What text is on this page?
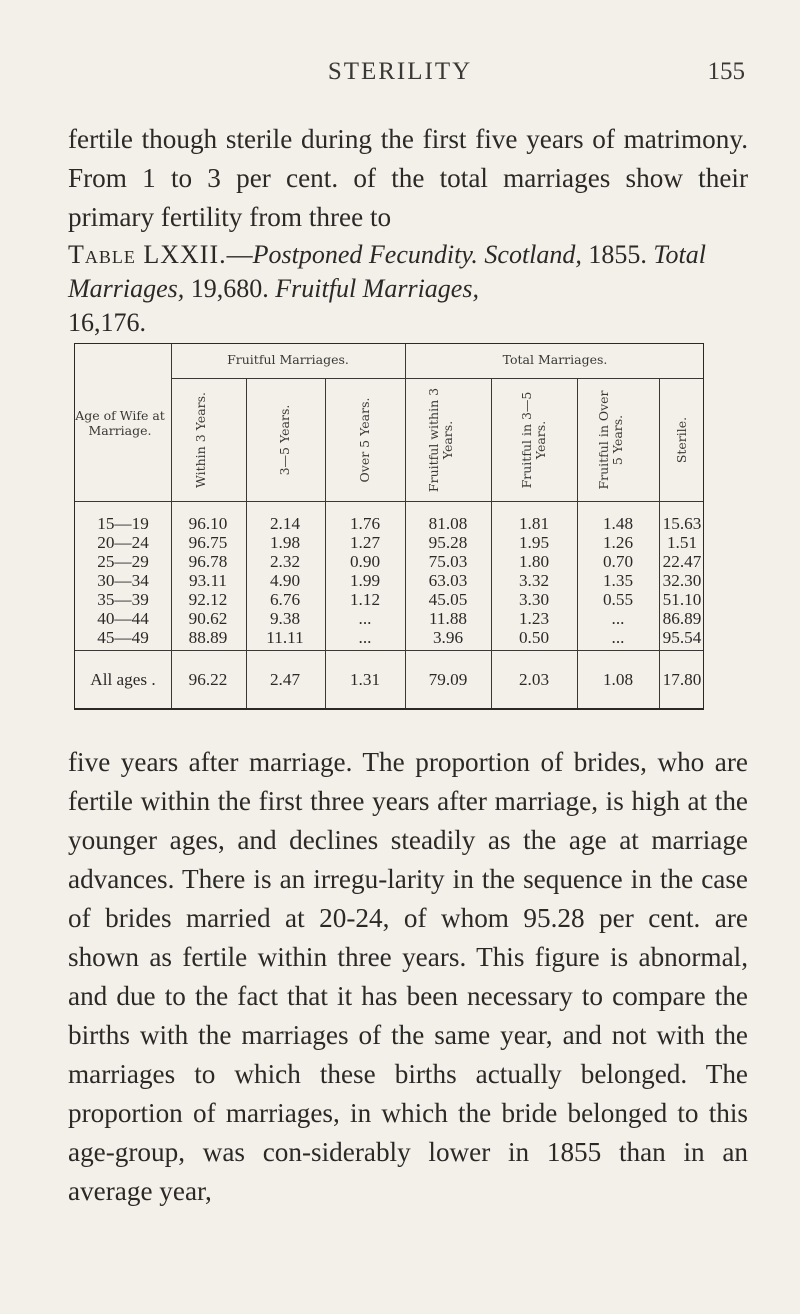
STERILITY	155

fertile though sterile during the first five years of matrimony. From 1 to 3 per cent. of the total marriages show their primary fertility from three to

Table LXXII.—Postponed Fecundity. Scotland, 1855. Total Marriages, 19,680. Fruitful Marriages,
16,176.

Fruitful Marriages.	Total Marriages.
Age of Wife at Marriage.	Within 3 Years.	3—5 Years.	Over 5 Years.	Fruitful within 3 Years.	Fruitful in 3—5 Years.	Fruitful in Over 5 Years.	Sterile.
15—19	96.10	2.14	1.76	81.08	1.81	1.48	15.63
20—24	96.75	1.98	1.27	95.28	1.95	1.26	1.51
25—29	96.78	2.32	0.90	75.03	1.80	0.70	22.47
30—34	93.11	4.90	1.99	63.03	3.32	1.35	32.30
35—39	92.12	6.76	1.12	45.05	3.30	0.55	51.10
40—44	90.62	9.38	...	11.88	1.23	...	86.89
45—49	88.89	11.11	...	3.96	0.50	...	95.54
All ages .	96.22	2.47	1.31	79.09	2.03	1.08	17.80

five years after marriage. The proportion of brides, who are fertile within the first three years after marriage, is high at the younger ages, and declines steadily as the age at marriage advances. There is an irregu-larity in the sequence in the case of brides married at 20-24, of whom 95.28 per cent. are shown as fertile within three years. This figure is abnormal, and due to the fact that it has been necessary to compare the births with the marriages of the same year, and not with the marriages to which these births actually belonged. The proportion of marriages, in which the bride belonged to this age-group, was con-siderably lower in 1855 than in an average year,
